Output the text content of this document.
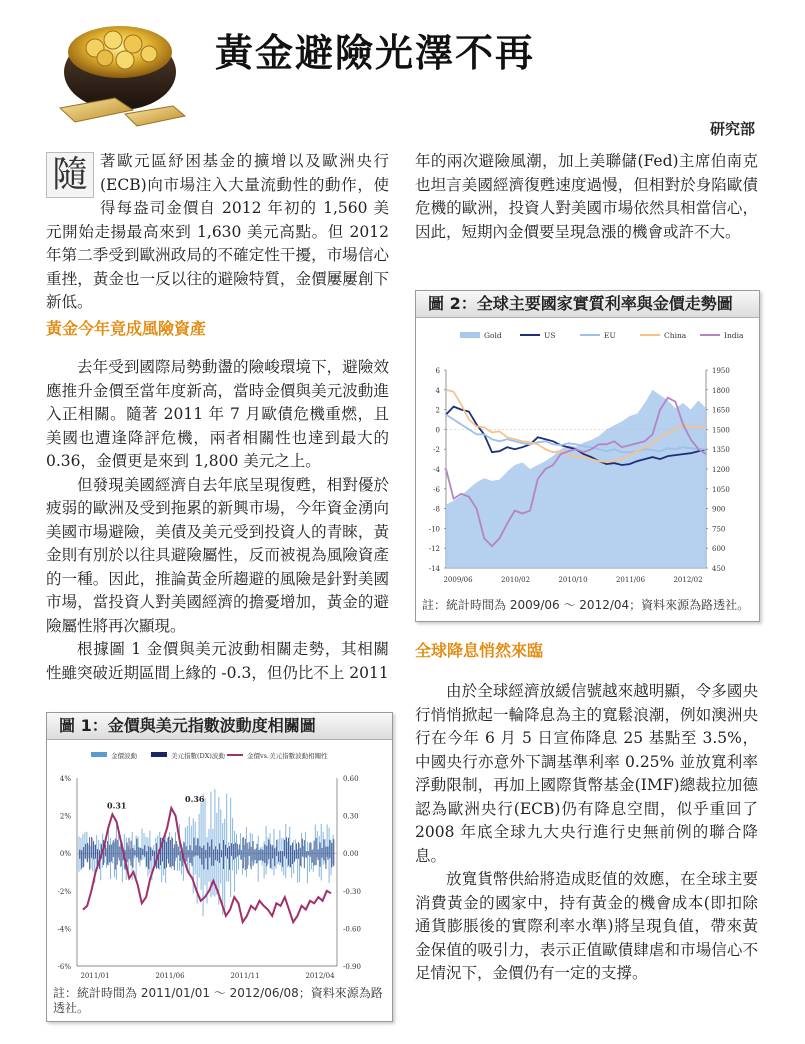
黃金避險光澤不再
研究部

隨 著歐元區紓困基金的擴增以及歐洲央行(ECB)向市場注入大量流動性的動作，使得每盎司金價自 2012 年初的 1,560 美元開始走揚最高來到 1,630 美元高點。但 2012 年第二季受到歐洲政局的不確定性干擾，市場信心重挫，黃金也一反以往的避險特質，金價屢屢創下新低。

黃金今年竟成風險資產

去年受到國際局勢動盪的險峻環境下，避險效應推升金價至當年度新高，當時金價與美元波動進入正相關。隨著 2011 年 7 月歐債危機重燃，且美國也遭逢降評危機，兩者相關性也達到最大的 0.36，金價更是來到 1,800 美元之上。

但發現美國經濟自去年底呈現復甦，相對優於疲弱的歐洲及受到拖累的新興市場，今年資金湧向美國市場避險，美債及美元受到投資人的青睞，黃金則有別於以往具避險屬性，反而被視為風險資產的一種。因此，推論黃金所趨避的風險是針對美國市場，當投資人對美國經濟的擔憂增加，黃金的避險屬性將再次顯現。

根據圖 1 金價與美元波動相關走勢，其相關性雖突破近期區間上緣的 -0.3，但仍比不上 2011

圖 1：金價與美元指數波動度相關圖
金價波動	美元指數(DX)波動	金價vs.美元指數波動相關性
4%
2%
0%
-2%
-4%
-6%
0.60
0.30
0.00
-0.30
-0.60
-0.90
0.31
0.36
2011/01	2011/06	2011/11	2012/04
註：統計時間為 2011/01/01 ～ 2012/06/08；資料來源為路透社。

年的兩次避險風潮，加上美聯儲(Fed)主席伯南克也坦言美國經濟復甦速度過慢，但相對於身陷歐債危機的歐洲，投資人對美國市場依然具相當信心，因此，短期內金價要呈現急漲的機會或許不大。

圖 2：全球主要國家實質利率與金價走勢圖
Gold	US	EU	China	India
6
4
2
0
-2
-4
-6
-8
-10
-12
-14
1950
1800
1650
1500
1350
1200
1050
900
750
600
450
2009/06	2010/02	2010/10	2011/06	2012/02
註：統計時間為 2009/06 ～ 2012/04；資料來源為路透社。
全球降息悄然來臨

由於全球經濟放緩信號越來越明顯，令多國央行悄悄掀起一輪降息為主的寬鬆浪潮，例如澳洲央行在今年 6 月 5 日宣佈降息 25 基點至 3.5%，中國央行亦意外下調基準利率 0.25% 並放寬利率浮動限制，再加上國際貨幣基金(IMF)總裁拉加德認為歐洲央行(ECB)仍有降息空間，似乎重回了 2008 年底全球九大央行進行史無前例的聯合降息。

放寬貨幣供給將造成貶值的效應，在全球主要消費黃金的國家中，持有黃金的機會成本(即扣除通貨膨脹後的實際利率水準)將呈現負值，帶來黃金保值的吸引力，表示正值歐債肆虐和市場信心不足情況下，金價仍有一定的支撐。
